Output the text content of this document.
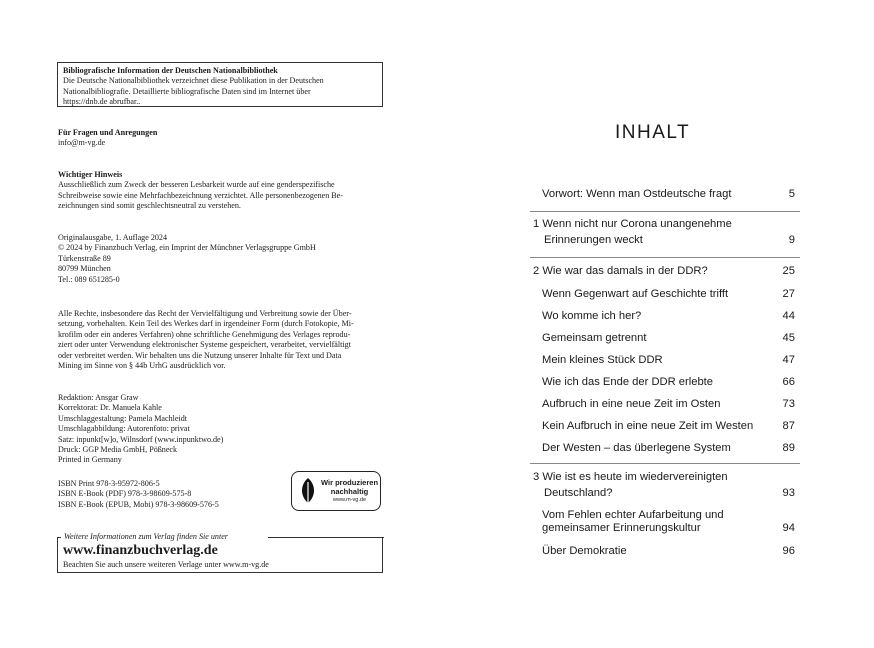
Bibliografische Information der Deutschen Nationalbibliothek
Die Deutsche Nationalbibliothek verzeichnet diese Publikation in der Deutschen
Nationalbibliografie. Detaillierte bibliografische Daten sind im Internet über
https://dnb.de abrufbar..
Für Fragen und Anregungen
info@m-vg.de
Wichtiger Hinweis
Ausschließlich zum Zweck der besseren Lesbarkeit wurde auf eine genderspezifische
Schreibweise sowie eine Mehrfachbezeichnung verzichtet. Alle personenbezogenen Be-
zeichnungen sind somit geschlechtsneutral zu verstehen.
Originalausgabe, 1. Auflage 2024
© 2024 by Finanzbuch Verlag, ein Imprint der Münchner Verlagsgruppe GmbH
Türkenstraße 89
80799 München
Tel.: 089 651285-0
Alle Rechte, insbesondere das Recht der Vervielfältigung und Verbreitung sowie der Über-
setzung, vorbehalten. Kein Teil des Werkes darf in irgendeiner Form (durch Fotokopie, Mi-
krofilm oder ein anderes Verfahren) ohne schriftliche Genehmigung des Verlages reprodu-
ziert oder unter Verwendung elektronischer Systeme gespeichert, verarbeitet, vervielfältigt
oder verbreitet werden. Wir behalten uns die Nutzung unserer Inhalte für Text und Data
Mining im Sinne von § 44b UrhG ausdrücklich vor.
Redaktion: Ansgar Graw
Korrektorat: Dr. Manuela Kahle
Umschlaggestaltung: Pamela Machleidt
Umschlagabbildung: Autorenfoto: privat
Satz: inpunkt[w]o, Wilnsdorf (www.inpunktwo.de)
Druck: GGP Media GmbH, Pößneck
Printed in Germany
ISBN Print 978-3-95972-806-5
ISBN E-Book (PDF) 978-3-98609-575-8
ISBN E-Book (EPUB, Mobi) 978-3-98609-576-5
Wir produzieren
nachhaltig
www.m-vg.de
Weitere Informationen zum Verlag finden Sie unter
www.finanzbuchverlag.de
Beachten Sie auch unsere weiteren Verlage unter www.m-vg.de
INHALT
Vorwort: Wenn man Ostdeutsche fragt	5
1 Wenn nicht nur Corona unangenehme
Erinnerungen weckt	9
2 Wie war das damals in der DDR?	25
Wenn Gegenwart auf Geschichte trifft	27
Wo komme ich her?	44
Gemeinsam getrennt	45
Mein kleines Stück DDR	47
Wie ich das Ende der DDR erlebte	66
Aufbruch in eine neue Zeit im Osten	73
Kein Aufbruch in eine neue Zeit im Westen	87
Der Westen – das überlegene System	89
3 Wie ist es heute im wiedervereinigten
Deutschland?	93
Vom Fehlen echter Aufarbeitung und
gemeinsamer Erinnerungskultur	94
Über Demokratie	96
